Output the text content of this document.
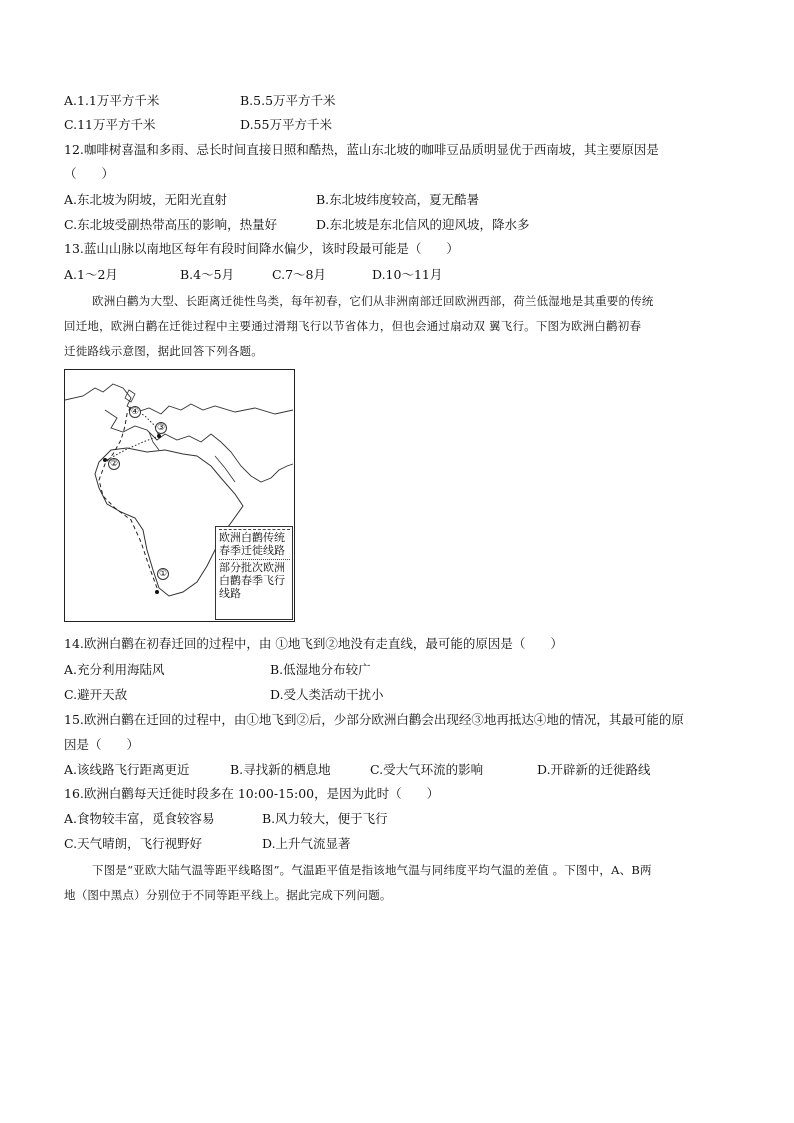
A.1.1万平方千米	B.5.5万平方千米
C.11万平方千米	D.55万平方千米
12.咖啡树喜温和多雨、忌长时间直接日照和酷热，蓝山东北坡的咖啡豆品质明显优于西南坡，其主要原因是
（　　）
A.东北坡为阴坡，无阳光直射	B.东北坡纬度较高，夏无酷暑
C.东北坡受副热带高压的影响，热量好	D.东北坡是东北信风的迎风坡，降水多
13.蓝山山脉以南地区每年有段时间降水偏少，该时段最可能是（　　）
A.1～2月	B.4～5月	C.7～8月	D.10～11月
欧洲白鹳为大型、长距离迁徙性鸟类，每年初春，它们从非洲南部迁回欧洲西部，荷兰低湿地是其重要的传统
回迁地，欧洲白鹳在迁徙过程中主要通过滑翔飞行以节省体力，但也会通过扇动双 翼飞行。下图为欧洲白鹳初春
迁徙路线示意图，据此回答下列各题。
①
②
③
④
欧洲白鹳传统
春季迁徙线路
部分批次欧洲
白鹳春季飞行
线路
14.欧洲白鹳在初春迁回的过程中，由 ①地飞到②地没有走直线，最可能的原因是（　　）
A.充分利用海陆风	B.低湿地分布较广
C.避开天敌	D.受人类活动干扰小
15.欧洲白鹳在迁回的过程中，由①地飞到②后，少部分欧洲白鹳会出现经③地再抵达④地的情况，其最可能的原
因是（　　）
A.该线路飞行距离更近	B.寻找新的栖息地	C.受大气环流的影响	D.开辟新的迁徙路线
16.欧洲白鹳每天迁徙时段多在 10:00-15:00，是因为此时（　　）
A.食物较丰富，觅食较容易	B.风力较大，便于飞行
C.天气晴朗，飞行视野好	D.上升气流显著
下图是“亚欧大陆气温等距平线略图”。气温距平值是指该地气温与同纬度平均气温的差值 。下图中，A、B两
地（图中黑点）分别位于不同等距平线上。据此完成下列问题。
